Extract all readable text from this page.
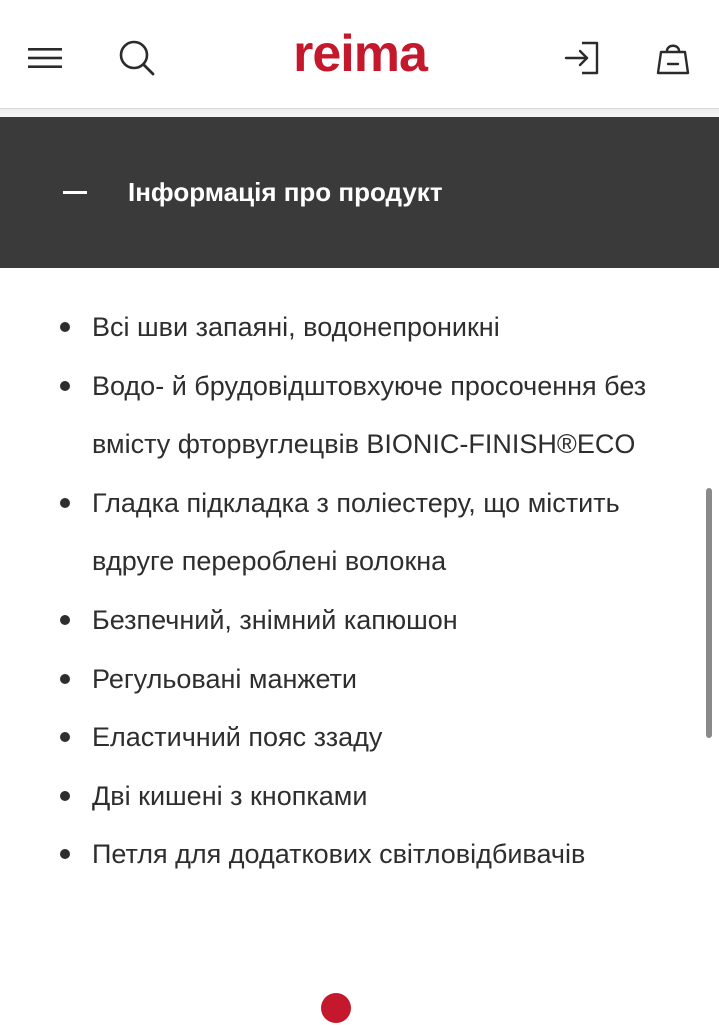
reima
Інформація про продукт
Всі шви запаяні, водонепроникні
Водо- й брудовідштовхуюче просочення без вмісту фторвуглецвів BIONIC-FINISH®ECO
Гладка підкладка з поліестеру, що містить вдруге перероблені волокна
Безпечний, знімний капюшон
Регульовані манжети
Еластичний пояс ззаду
Дві кишені з кнопками
Петля для додаткових світловідбивачів
